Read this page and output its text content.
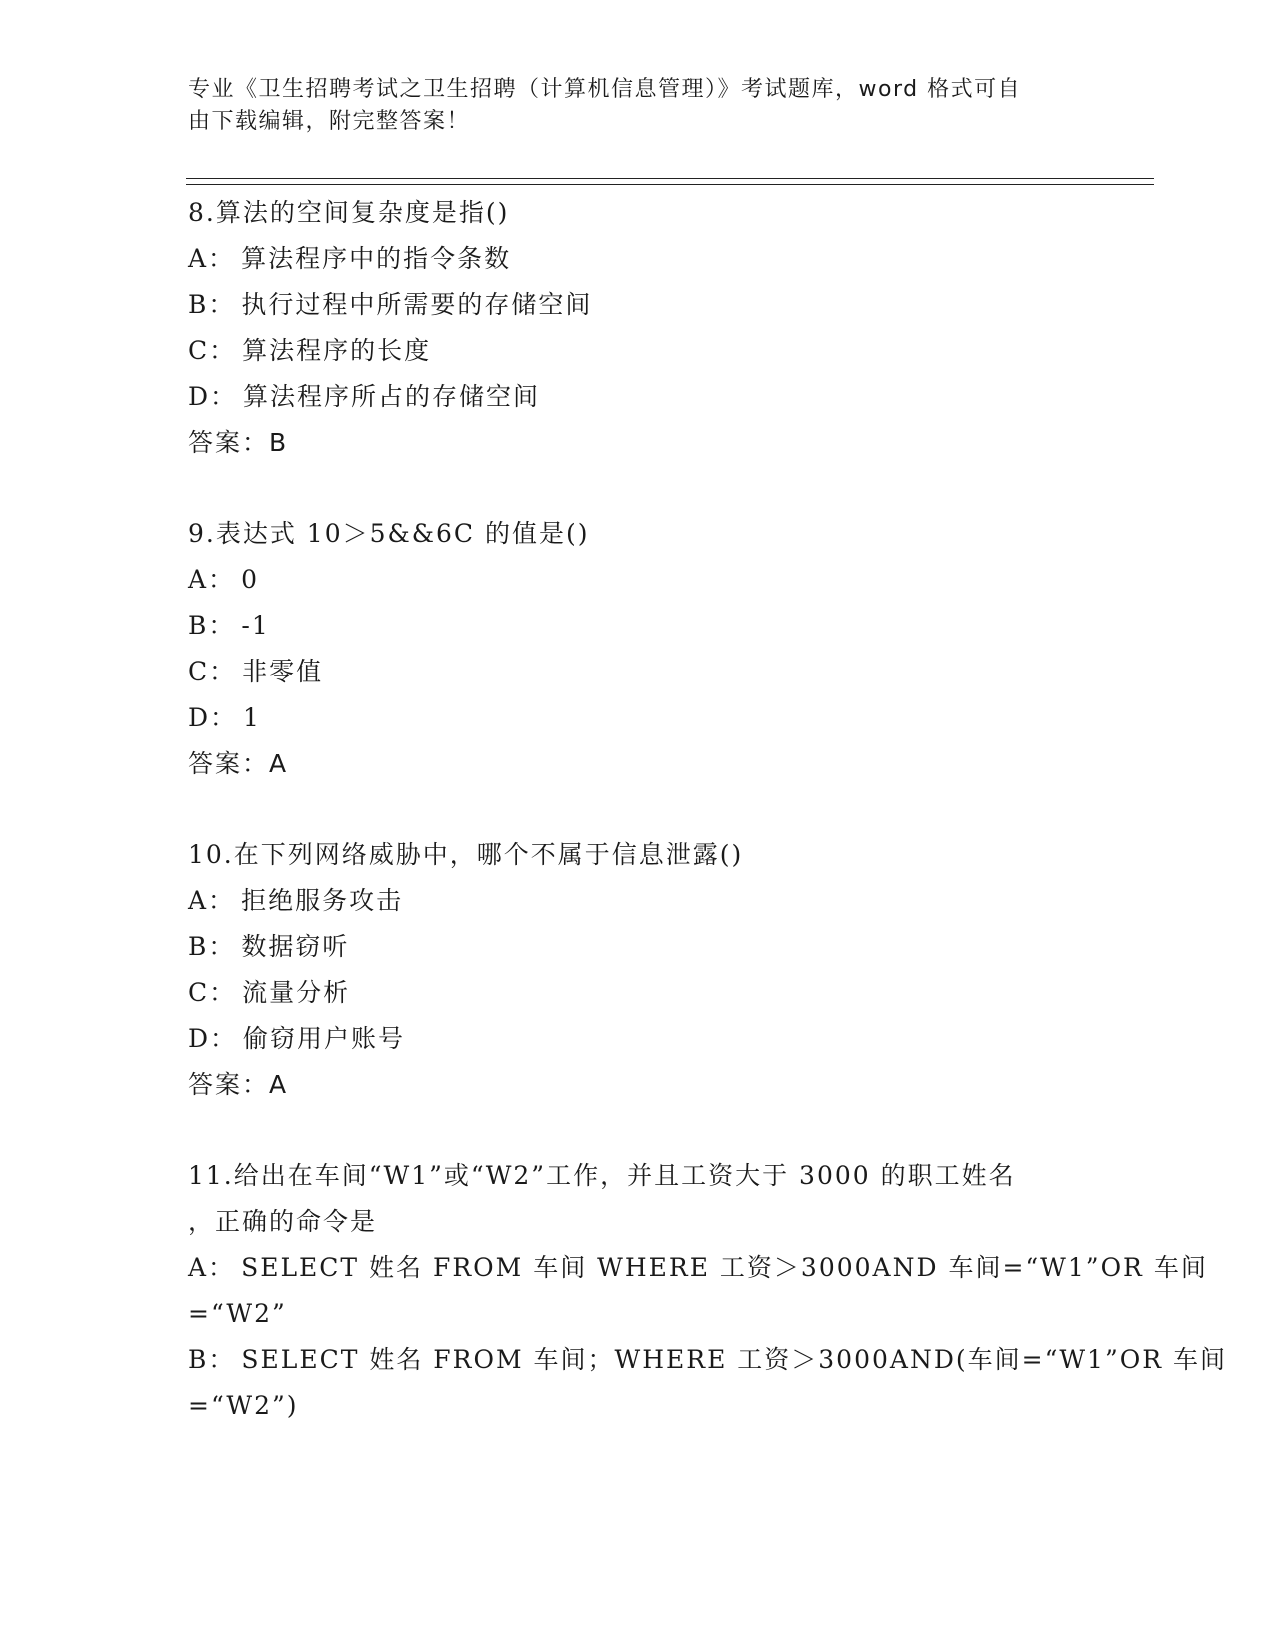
专业《卫生招聘考试之卫生招聘（计算机信息管理）》考试题库，word 格式可自
由下载编辑，附完整答案！
8.算法的空间复杂度是指()
A： 算法程序中的指令条数
B： 执行过程中所需要的存储空间
C： 算法程序的长度
D： 算法程序所占的存储空间
答案：B
9.表达式 10＞5&&6C 的值是()
A： 0
B： -1
C： 非零值
D： 1
答案：A
10.在下列网络威胁中，哪个不属于信息泄露()
A： 拒绝服务攻击
B： 数据窃听
C： 流量分析
D： 偷窃用户账号
答案：A
11.给出在车间“W1”或“W2”工作，并且工资大于 3000 的职工姓名
，正确的命令是
A： SELECT 姓名 FROM 车间 WHERE 工资＞3000AND 车间=“W1”OR 车间
=“W2”
B： SELECT 姓名 FROM 车间；WHERE 工资＞3000AND(车间=“W1”OR 车间
=“W2”)
